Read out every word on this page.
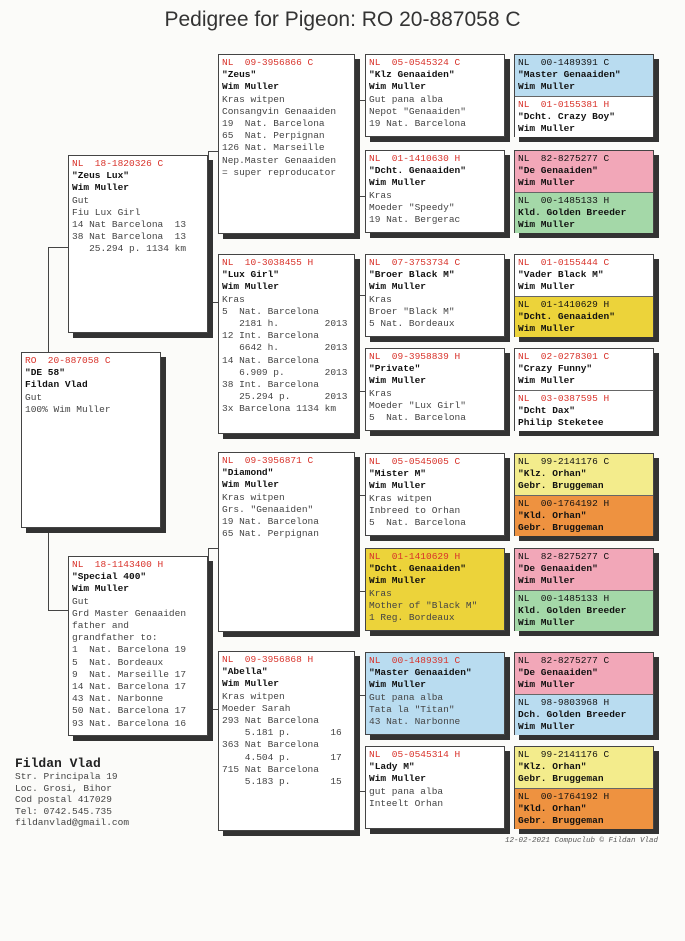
Pedigree for Pigeon: RO 20-887058 C
RO  20-887058 C
"DE 58"
Fildan Vlad
Gut
100% Wim Muller
NL  18-1820326 C
"Zeus Lux"
Wim Muller
Gut
Fiu Lux Girl
14 Nat Barcelona  13
38 Nat Barcelona  13
25.294 p. 1134 km
NL  18-1143400 H
"Special 400"
Wim Muller
Gut
Grd Master Genaaiden
father and
grandfather to:
1  Nat. Barcelona 19
5  Nat. Bordeaux
9  Nat. Marseille 17
14 Nat. Barcelona 17
43 Nat. Narbonne
50 Nat. Barcelona 17
93 Nat. Barcelona 16
NL  09-3956866 C
"Zeus"
Wim Muller
Kras witpen
Consangvin Genaaiden
19  Nat. Barcelona
65  Nat. Perpignan
126 Nat. Marseille
Nep.Master Genaaiden
= super reproducator
NL  10-3038455 H
"Lux Girl"
Wim Muller
Kras
5  Nat. Barcelona
2181 h.        2013
12 Int. Barcelona
6642 h.        2013
14 Nat. Barcelona
6.909 p.       2013
38 Int. Barcelona
25.294 p.      2013
3x Barcelona 1134 km
NL  09-3956871 C
"Diamond"
Wim Muller
Kras witpen
Grs. "Genaaiden"
19 Nat. Barcelona
65 Nat. Perpignan
NL  09-3956868 H
"Abella"
Wim Muller
Kras witpen
Moeder Sarah
293 Nat Barcelona
5.181 p.       16
363 Nat Barcelona
4.504 p.       17
715 Nat Barcelona
5.183 p.       15
NL  05-0545324 C
"Klz Genaaiden"
Wim Muller
Gut pana alba
Nepot "Genaaiden"
19 Nat. Barcelona
NL  01-1410630 H
"Dcht. Genaaiden"
Wim Muller
Kras
Moeder "Speedy"
19 Nat. Bergerac
NL  07-3753734 C
"Broer Black M"
Wim Muller
Kras
Broer "Black M"
5 Nat. Bordeaux
NL  09-3958839 H
"Private"
Wim Muller
Kras
Moeder "Lux Girl"
5  Nat. Barcelona
NL  05-0545005 C
"Mister M"
Wim Muller
Kras witpen
Inbreed to Orhan
5  Nat. Barcelona
NL  01-1410629 H
"Dcht. Genaaiden"
Wim Muller
Kras
Mother of "Black M"
1 Reg. Bordeaux
NL  00-1489391 C
"Master Genaaiden"
Wim Muller
Gut pana alba
Tata la "Titan"
43 Nat. Narbonne
NL  05-0545314 H
"Lady M"
Wim Muller
gut pana alba
Inteelt Orhan
NL  00-1489391 C
"Master Genaaiden"
Wim Muller
NL  01-0155381 H
"Dcht. Crazy Boy"
Wim Muller
NL  82-8275277 C
"De Genaaiden"
Wim Muller
NL  00-1485133 H
Kld. Golden Breeder
Wim Muller
NL  01-0155444 C
"Vader Black M"
Wim Muller
NL  01-1410629 H
"Dcht. Genaaiden"
Wim Muller
NL  02-0278301 C
"Crazy Funny"
Wim Muller
NL  03-0387595 H
"Dcht Dax"
Philip Steketee
NL  99-2141176 C
"Klz. Orhan"
Gebr. Bruggeman
NL  00-1764192 H
"Kld. Orhan"
Gebr. Bruggeman
NL  82-8275277 C
"De Genaaiden"
Wim Muller
NL  00-1485133 H
Kld. Golden Breeder
Wim Muller
NL  82-8275277 C
"De Genaaiden"
Wim Muller
NL  98-9803968 H
Dch. Golden Breeder
Wim Muller
NL  99-2141176 C
"Klz. Orhan"
Gebr. Bruggeman
NL  00-1764192 H
"Kld. Orhan"
Gebr. Bruggeman
Fildan Vlad
Str. Principala 19
Loc. Grosi, Bihor
Cod postal 417029
Tel: 0742.545.735
fildanvlad@gmail.com
12-02-2021 Compuclub © Fildan Vlad
